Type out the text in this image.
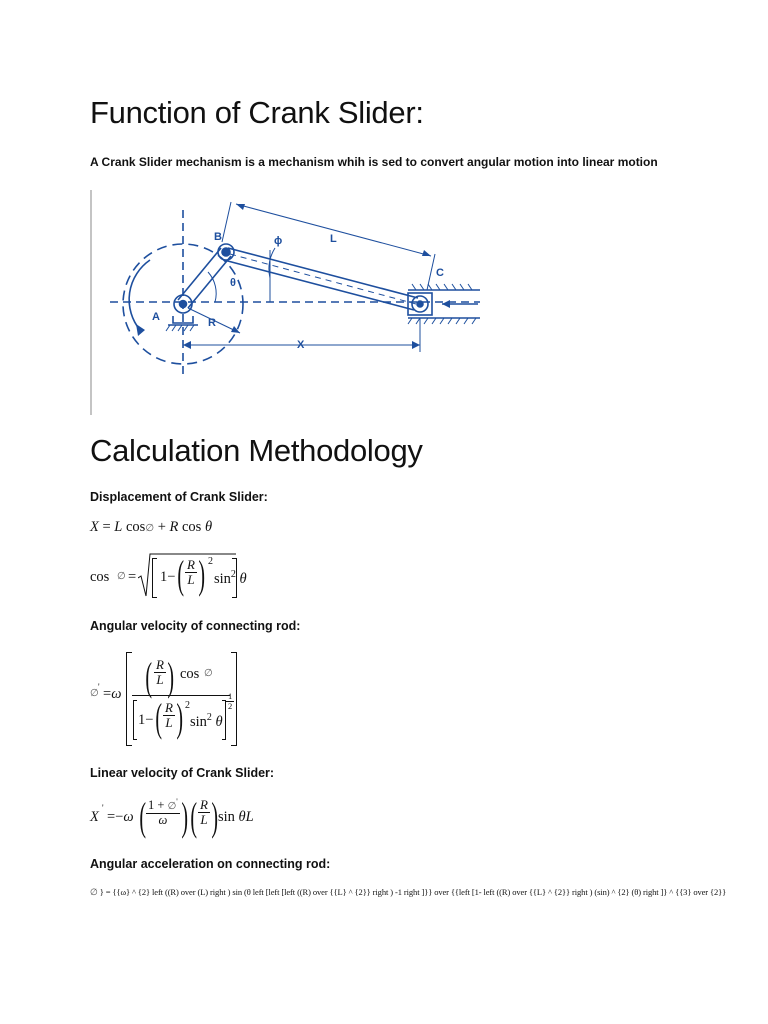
Function of Crank Slider:

A Crank Slider mechanism is a mechanism whih is sed to convert angular motion into linear motion

A
B
C
R
L
X
θ
ϕ
Calculation Methodology

Displacement of Crank Slider:

X = L cos∅ + R cos θ
cos ∅ = 1− ( $\frac{R}{L}$ ) 2
$\sin^2 \theta$

Angular velocity of connecting rod:

∅
' =ω ( $\frac{R}{L}$ ) cos ∅
1− ( $\frac{R}{L}$ ) 2
$\sin^2 \theta$
$\frac{1}{2}$

Linear velocity of Crank Slider:

X
'
=−ω ( $\frac{1 + \emptyset'}{\omega}$ ) ( $\frac{R}{L}$ ) sin θL

Angular acceleration on connecting rod:

∅ } = {{ω} ^ {2} left ((R) over (L) right ) sin (θ left [left [left ((R) over {{L} ^ {2}} right ) -1 right ]}} over {{left [1- left ((R) over {{L} ^ {2}} right ) (sin) ^ {2} (θ) right ]} ^ {{3} over {2}}
